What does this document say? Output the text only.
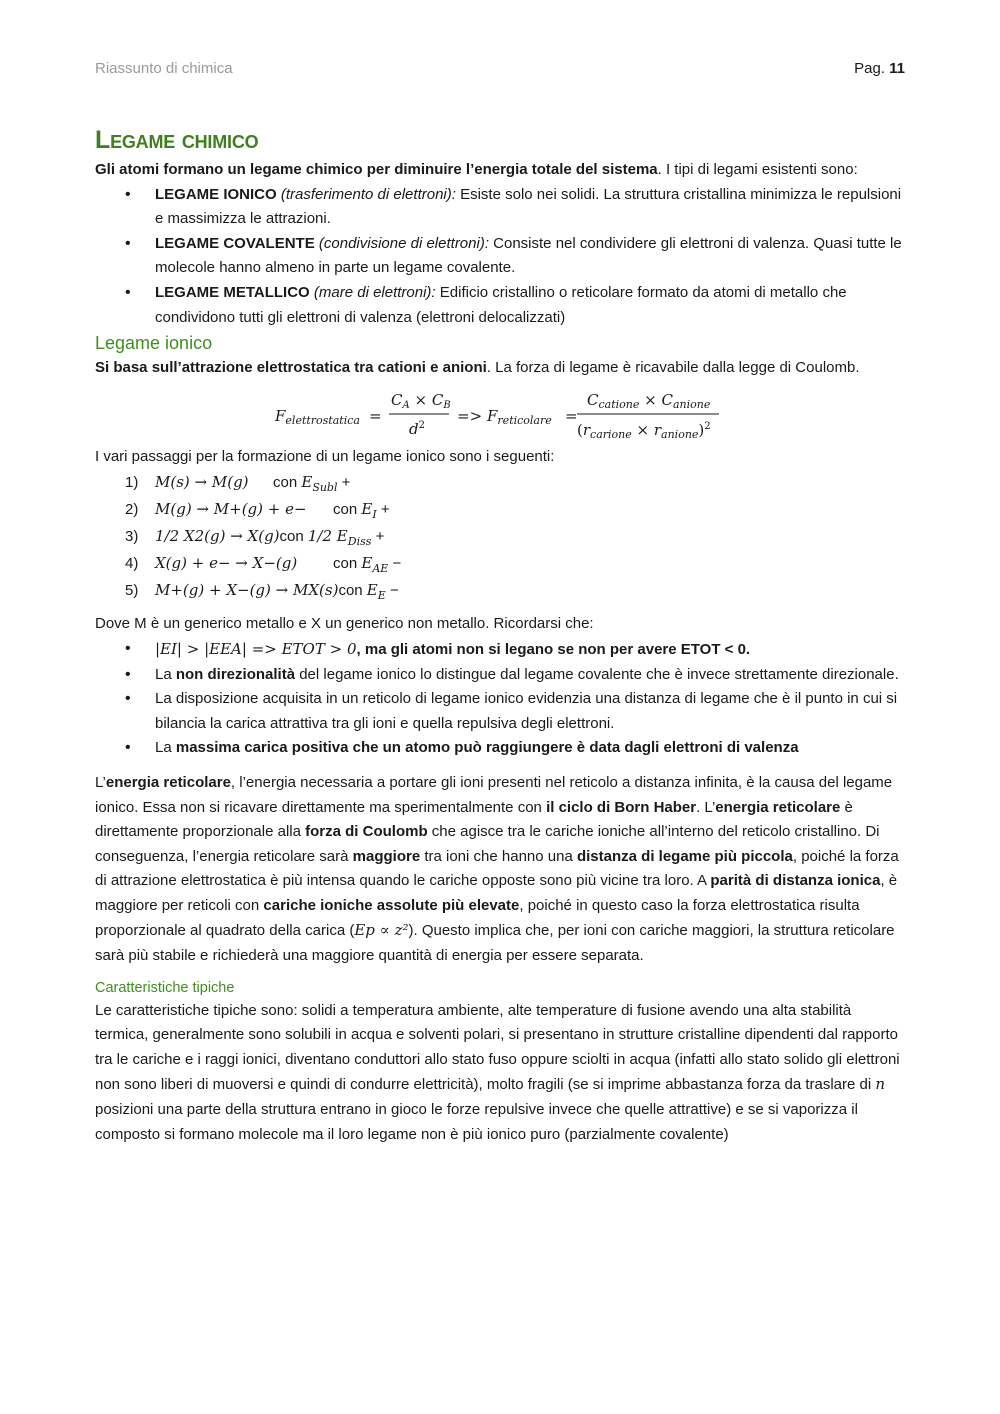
Riassunto di chimica	Pag. 11
Legame chimico

Gli atomi formano un legame chimico per diminuire l’energia totale del sistema. I tipi di legami esistenti sono:

• LEGAME IONICO (trasferimento di elettroni): Esiste solo nei solidi. La struttura cristallina minimizza le repulsioni e massimizza le attrazioni.
• LEGAME COVALENTE (condivisione di elettroni): Consiste nel condividere gli elettroni di valenza. Quasi tutte le molecole hanno almeno in parte un legame covalente.
• LEGAME METALLICO (mare di elettroni): Edificio cristallino o reticolare formato da atomi di metallo che condividono tutti gli elettroni di valenza (elettroni delocalizzati)
Legame ionico

Si basa sull’attrazione elettrostatica tra cationi e anioni. La forza di legame è ricavabile dalla legge di Coulomb.

$F_{elettrostatica}$ =
$C_A \times C_B$
$d^2$
=> $F_{reticolare}$ =
$C_{catione} \times C_{anione}$
$(r_{carione} \times r_{anione})^2$

I vari passaggi per la formazione di un legame ionico sono i seguenti:

1) M(s) → M(g) con $E_{Subl}$ +
2) M(g) → M+(g) + e− con $E_I$ +
3) 1/2 X2(g) → X(g)con 1/2 $E_{Diss}$ +
4) X(g) + e− → X−(g) con $E_{AE}$ −
5) M+(g) + X−(g) → MX(s)con $E_E$ −

Dove M è un generico metallo e X un generico non metallo. Ricordarsi che:

• |EI| > |EEA| => ETOT > 0, ma gli atomi non si legano se non per avere ETOT < 0.
• La non direzionalità del legame ionico lo distingue dal legame covalente che è invece strettamente direzionale.
• La disposizione acquisita in un reticolo di legame ionico evidenzia una distanza di legame che è il punto in cui si bilancia la carica attrattiva tra gli ioni e quella repulsiva degli elettroni.
• La massima carica positiva che un atomo può raggiungere è data dagli elettroni di valenza

L’energia reticolare, l’energia necessaria a portare gli ioni presenti nel reticolo a distanza infinita, è la causa del legame ionico. Essa non si ricavare direttamente ma sperimentalmente con il ciclo di Born Haber. L’energia reticolare è direttamente proporzionale alla forza di Coulomb che agisce tra le cariche ioniche all’interno del reticolo cristallino. Di conseguenza, l’energia reticolare sarà maggiore tra ioni che hanno una distanza di legame più piccola, poiché la forza di attrazione elettrostatica è più intensa quando le cariche opposte sono più vicine tra loro. A parità di distanza ionica, è maggiore per reticoli con cariche ioniche assolute più elevate, poiché in questo caso la forza elettrostatica risulta proporzionale al quadrato della carica (Ep ∝ z²). Questo implica che, per ioni con cariche maggiori, la struttura reticolare sarà più stabile e richiederà una maggiore quantità di energia per essere separata.

Caratteristiche tipiche

Le caratteristiche tipiche sono: solidi a temperatura ambiente, alte temperature di fusione avendo una alta stabilità termica, generalmente sono solubili in acqua e solventi polari, si presentano in strutture cristalline dipendenti dal rapporto tra le cariche e i raggi ionici, diventano conduttori allo stato fuso oppure sciolti in acqua (infatti allo stato solido gli elettroni non sono liberi di muoversi e quindi di condurre elettricità), molto fragili (se si imprime abbastanza forza da traslare di n posizioni una parte della struttura entrano in gioco le forze repulsive invece che quelle attrattive) e se si vaporizza il composto si formano molecole ma il loro legame non è più ionico puro (parzialmente covalente)
